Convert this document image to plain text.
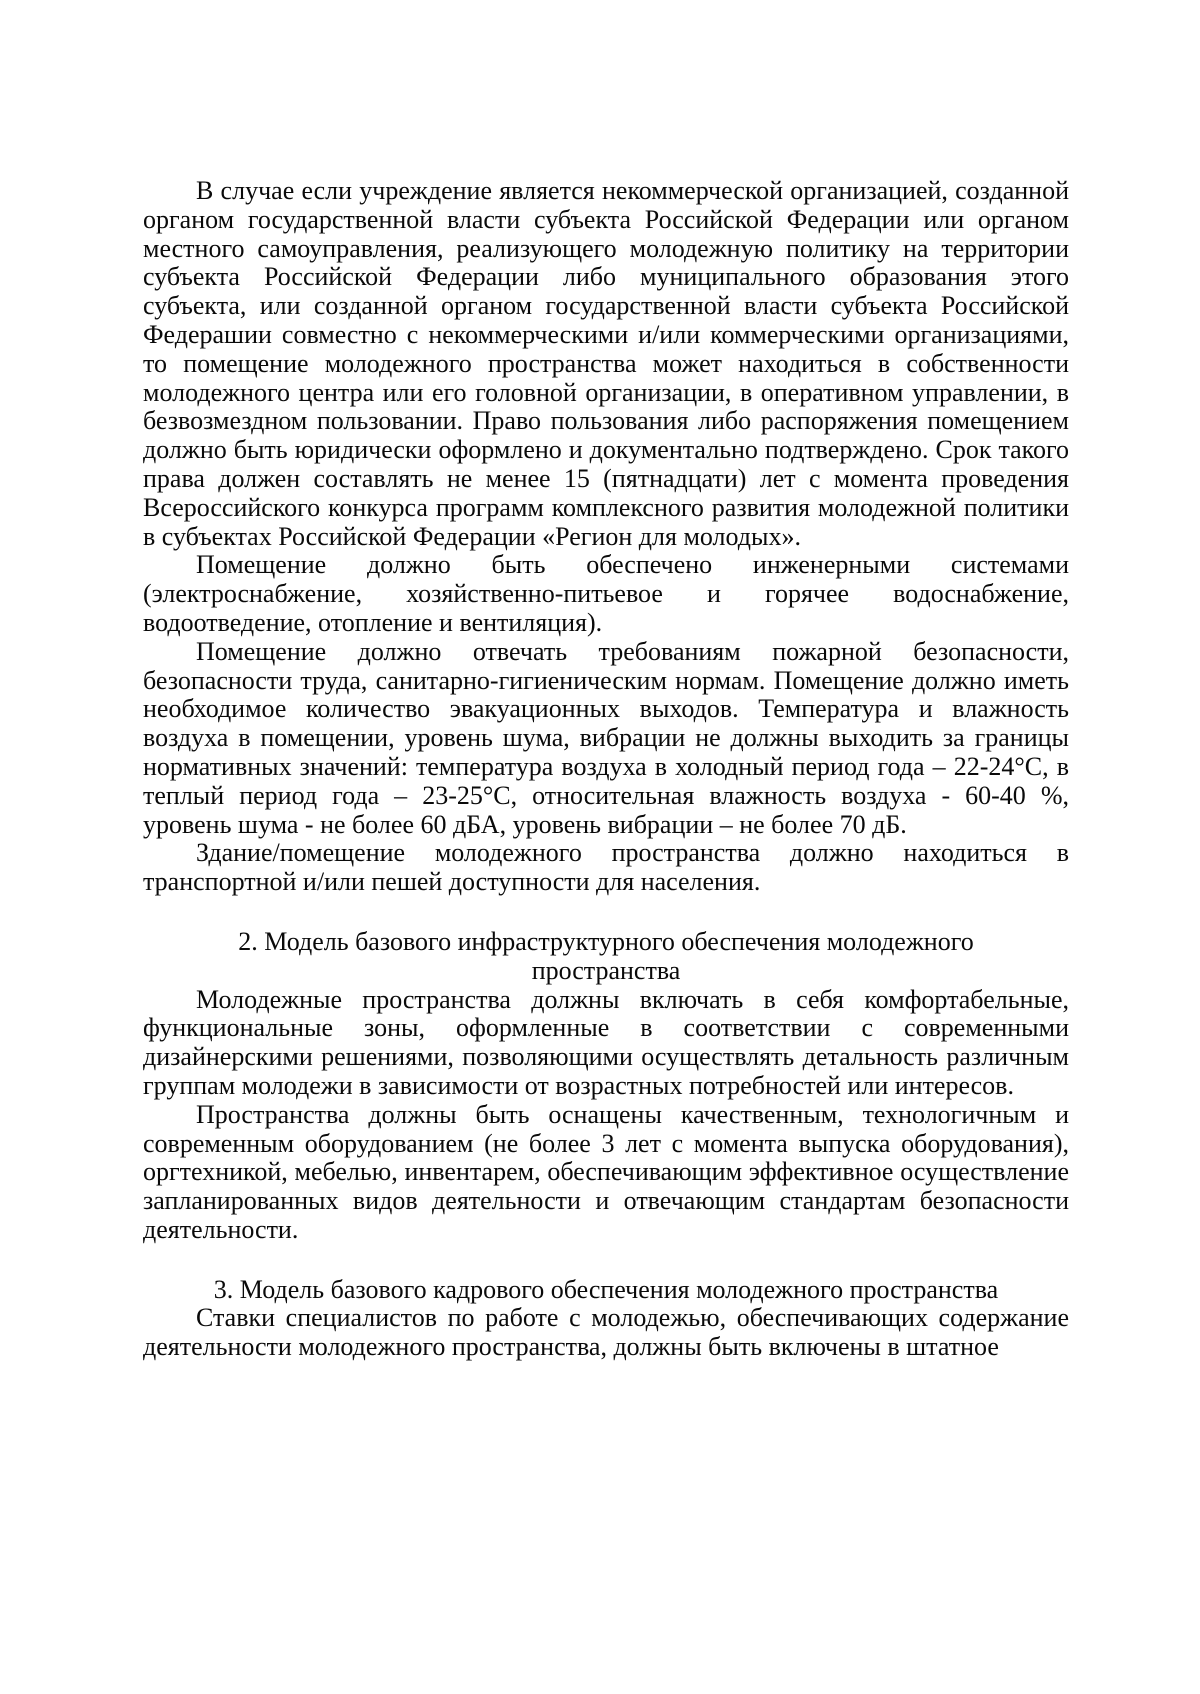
В случае если учреждение является некоммерческой организацией, созданной органом государственной власти субъекта Российской Федерации или органом местного самоуправления, реализующего молодежную политику на территории субъекта Российской Федерации либо муниципального образования этого субъекта, или созданной органом государственной власти субъекта Российской Федерашии совместно с некоммерческими и/или коммерческими организациями, то помещение молодежного пространства может находиться в собственности молодежного центра или его головной организации, в оперативном управлении, в безвозмездном пользовании. Право пользования либо распоряжения помещением должно быть юридически оформлено и документально подтверждено. Срок такого права должен составлять не менее 15 (пятнадцати) лет с момента проведения Всероссийского конкурса программ комплексного развития молодежной политики в субъектах Российской Федерации «Регион для молодых».

Помещение должно быть обеспечено инженерными системами (электроснабжение, хозяйственно-питьевое и горячее водоснабжение, водоотведение, отопление и вентиляция).

Помещение должно отвечать требованиям пожарной безопасности, безопасности труда, санитарно-гигиеническим нормам. Помещение должно иметь необходимое количество эвакуационных выходов. Температура и влажность воздуха в помещении, уровень шума, вибрации не должны выходить за границы нормативных значений: температура воздуха в холодный период года – 22-24°С, в теплый период года – 23-25°С, относительная влажность воздуха - 60-40 %, уровень шума - не более 60 дБА, уровень вибрации – не более 70 дБ.

Здание/помещение молодежного пространства должно находиться в транспортной и/или пешей доступности для населения.

2. Модель базового инфраструктурного обеспечения молодежного пространства

Молодежные пространства должны включать в себя комфортабельные, функциональные зоны, оформленные в соответствии с современными дизайнерскими решениями, позволяющими осуществлять детальность различным группам молодежи в зависимости от возрастных потребностей или интересов.

Пространства должны быть оснащены качественным, технологичным и современным оборудованием (не более 3 лет с момента выпуска оборудования), оргтехникой, мебелью, инвентарем, обеспечивающим эффективное осуществление запланированных видов деятельности и отвечающим стандартам безопасности деятельности.

3. Модель базового кадрового обеспечения молодежного пространства

Ставки специалистов по работе с молодежью, обеспечивающих содержание деятельности молодежного пространства, должны быть включены в штатное
